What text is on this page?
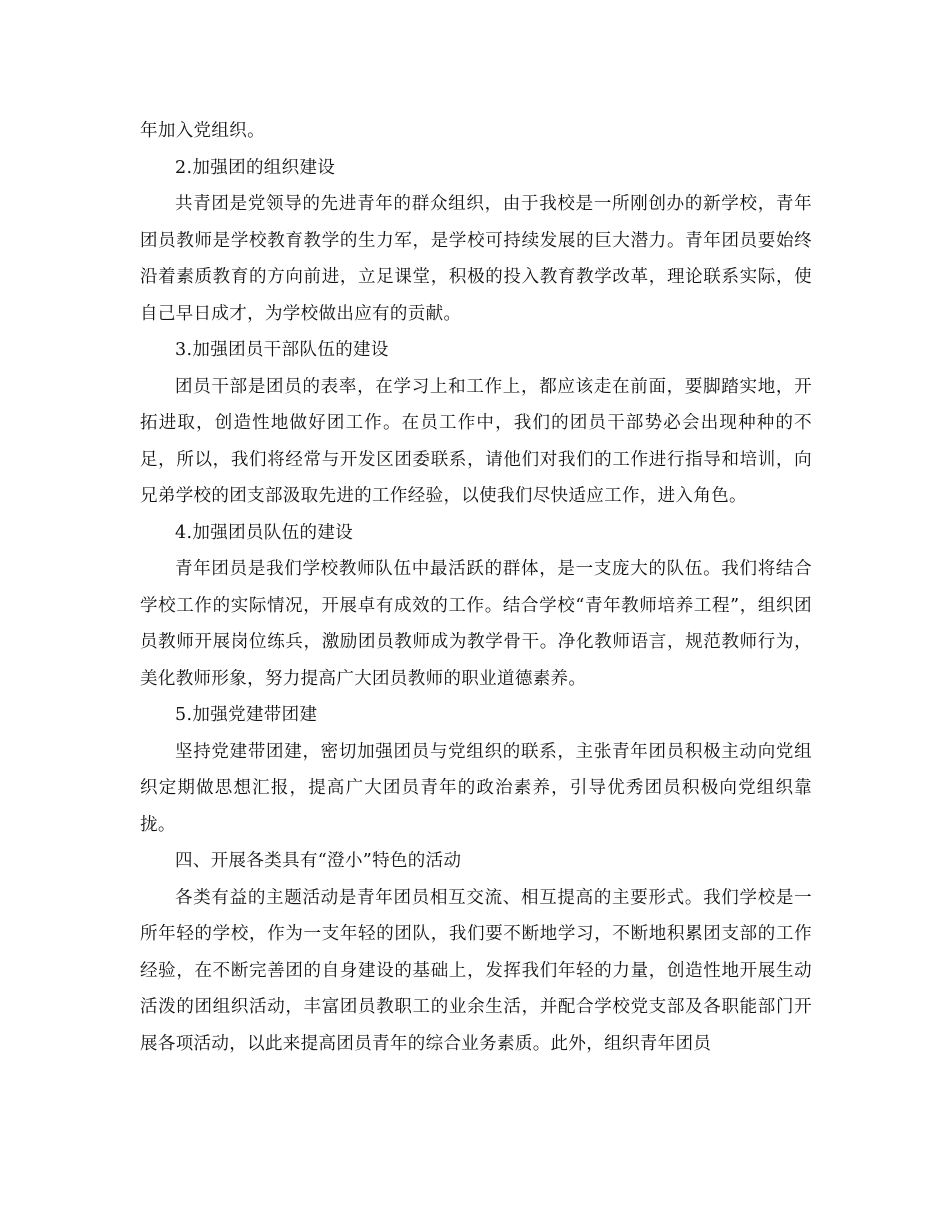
年加入党组织。

2.加强团的组织建设

共青团是党领导的先进青年的群众组织，由于我校是一所刚创办的新学校，青年团员教师是学校教育教学的生力军，是学校可持续发展的巨大潜力。青年团员要始终沿着素质教育的方向前进，立足课堂，积极的投入教育教学改革，理论联系实际，使自己早日成才，为学校做出应有的贡献。

3.加强团员干部队伍的建设

团员干部是团员的表率，在学习上和工作上，都应该走在前面，要脚踏实地，开拓进取，创造性地做好团工作。在员工作中，我们的团员干部势必会出现种种的不足，所以，我们将经常与开发区团委联系，请他们对我们的工作进行指导和培训，向兄弟学校的团支部汲取先进的工作经验，以使我们尽快适应工作，进入角色。

4.加强团员队伍的建设

青年团员是我们学校教师队伍中最活跃的群体，是一支庞大的队伍。我们将结合学校工作的实际情况，开展卓有成效的工作。结合学校“青年教师培养工程”，组织团员教师开展岗位练兵，激励团员教师成为教学骨干。净化教师语言，规范教师行为，美化教师形象，努力提高广大团员教师的职业道德素养。

5.加强党建带团建

坚持党建带团建，密切加强团员与党组织的联系，主张青年团员积极主动向党组织定期做思想汇报，提高广大团员青年的政治素养，引导优秀团员积极向党组织靠拢。

四、开展各类具有“澄小”特色的活动

各类有益的主题活动是青年团员相互交流、相互提高的主要形式。我们学校是一所年轻的学校，作为一支年轻的团队，我们要不断地学习，不断地积累团支部的工作经验，在不断完善团的自身建设的基础上，发挥我们年轻的力量，创造性地开展生动活泼的团组织活动，丰富团员教职工的业余生活，并配合学校党支部及各职能部门开展各项活动，以此来提高团员青年的综合业务素质。此外，组织青年团员
